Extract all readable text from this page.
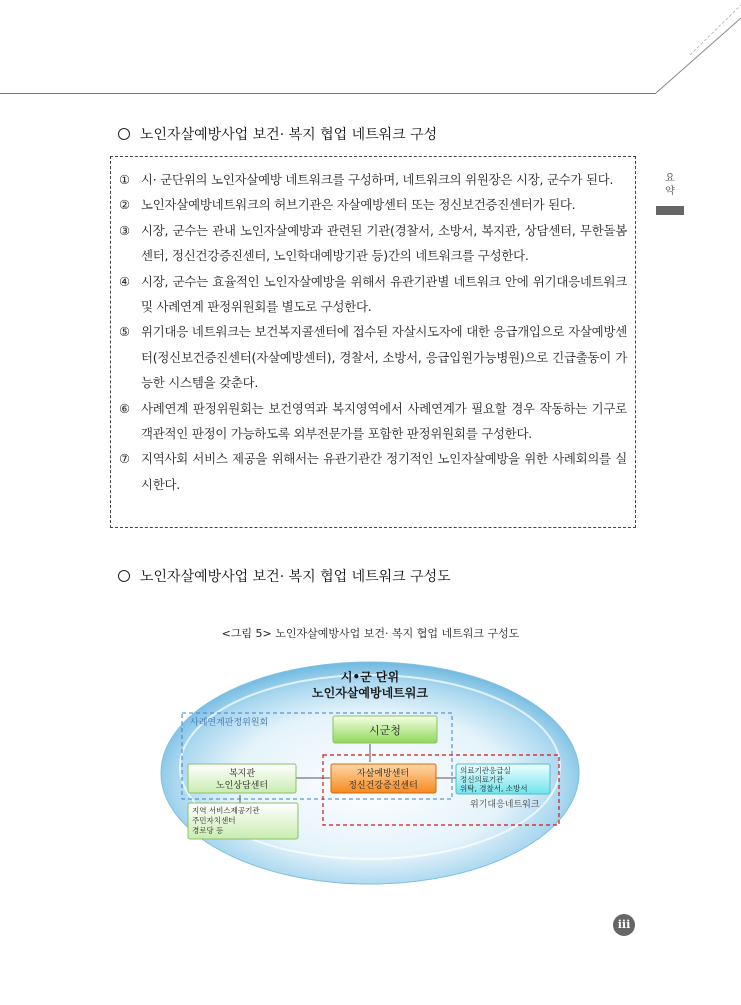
요
약
노인자살예방사업 보건· 복지 협업 네트워크 구성
① 시· 군단위의 노인자살예방 네트워크를 구성하며, 네트워크의 위원장은 시장, 군수가 된다.
② 노인자살예방네트워크의 허브기관은 자살예방센터 또는 정신보건증진센터가 된다.
③ 시장, 군수는 관내 노인자살예방과 관련된 기관(경찰서, 소방서, 복지관, 상담센터, 무한돌봄센터, 정신건강증진센터, 노인학대예방기관 등)간의 네트워크를 구성한다.
④ 시장, 군수는 효율적인 노인자살예방을 위해서 유관기관별 네트워크 안에 위기대응네트워크 및 사례연계 판정위원회를 별도로 구성한다.
⑤ 위기대응 네트워크는 보건복지콜센터에 접수된 자살시도자에 대한 응급개입으로 자살예방센터(정신보건증진센터(자살예방센터), 경찰서, 소방서, 응급입원가능병원)으로 긴급출동이 가능한 시스템을 갖춘다.
⑥ 사례연계 판정위원회는 보건영역과 복지영역에서 사례연계가 필요할 경우 작동하는 기구로 객관적인 판정이 가능하도록 외부전문가를 포함한 판정위원회를 구성한다.
⑦ 지역사회 서비스 제공을 위해서는 유관기관간 정기적인 노인자살예방을 위한 사례회의를 실시한다.
노인자살예방사업 보건· 복지 협업 네트워크 구성도
<그림 5> 노인자살예방사업 보건· 복지 협업 네트워크 구성도
시•군 단위
노인자살예방네트워크
사례연계판정위원회
위기대응네트워크
시군청
복지관
노인상담센터
자살예방센터
정신건강증진센터
의료기관응급실
정신의료기관
위탁, 경찰서, 소방서
지역 서비스제공기관
주민자치센터
경로당 등
iii
